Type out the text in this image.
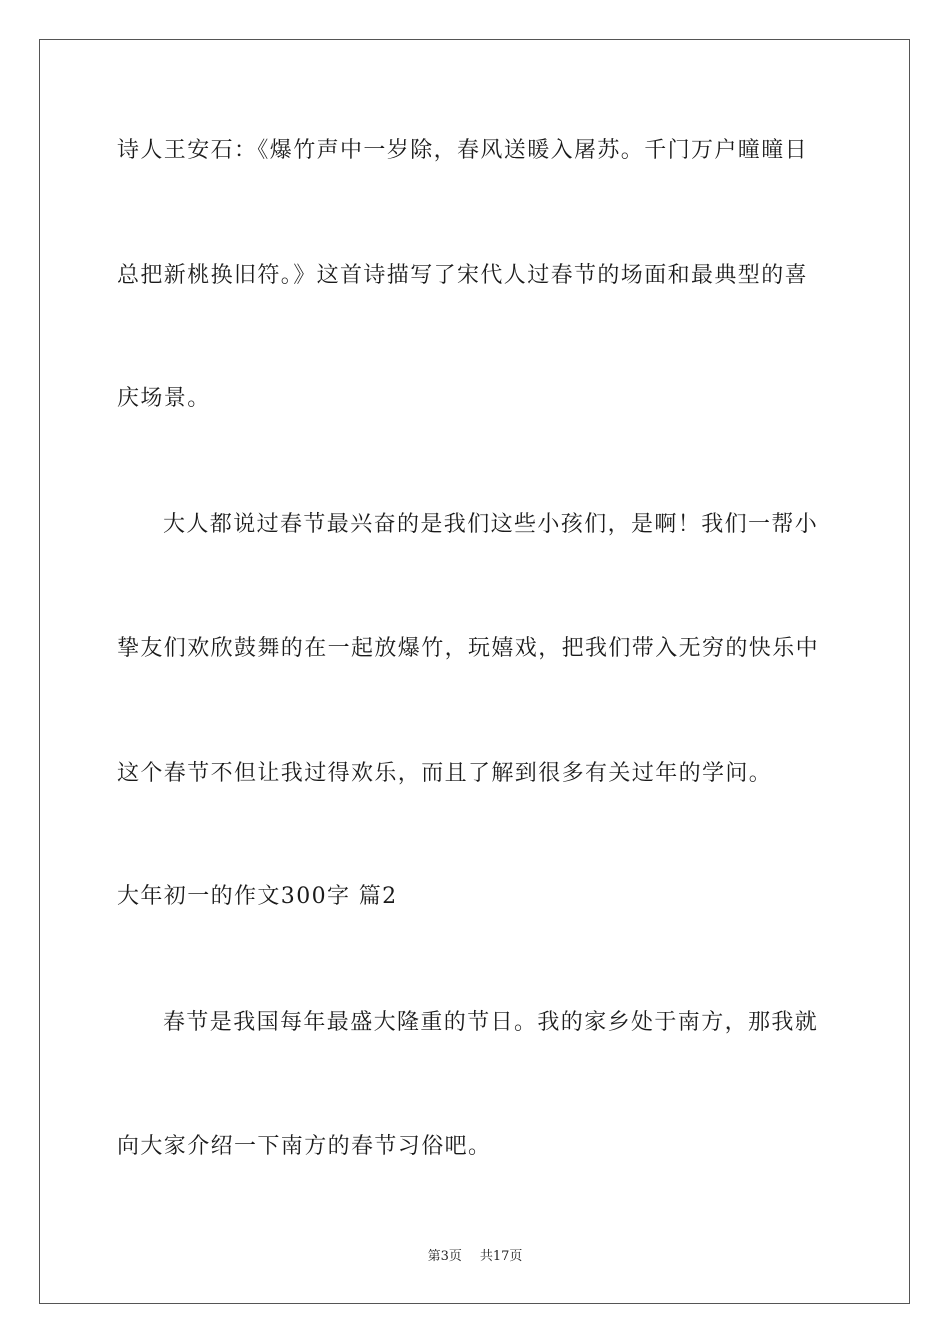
诗人王安石：《爆竹声中一岁除，春风送暖入屠苏。千门万户曈曈日
总把新桃换旧符。》这首诗描写了宋代人过春节的场面和最典型的喜
庆场景。
大人都说过春节最兴奋的是我们这些小孩们，是啊！我们一帮小
挚友们欢欣鼓舞的在一起放爆竹，玩嬉戏，把我们带入无穷的快乐中
这个春节不但让我过得欢乐，而且了解到很多有关过年的学问。
大年初一的作文300字 篇2
春节是我国每年最盛大隆重的节日。我的家乡处于南方，那我就
向大家介绍一下南方的春节习俗吧。
第3页 共17页
